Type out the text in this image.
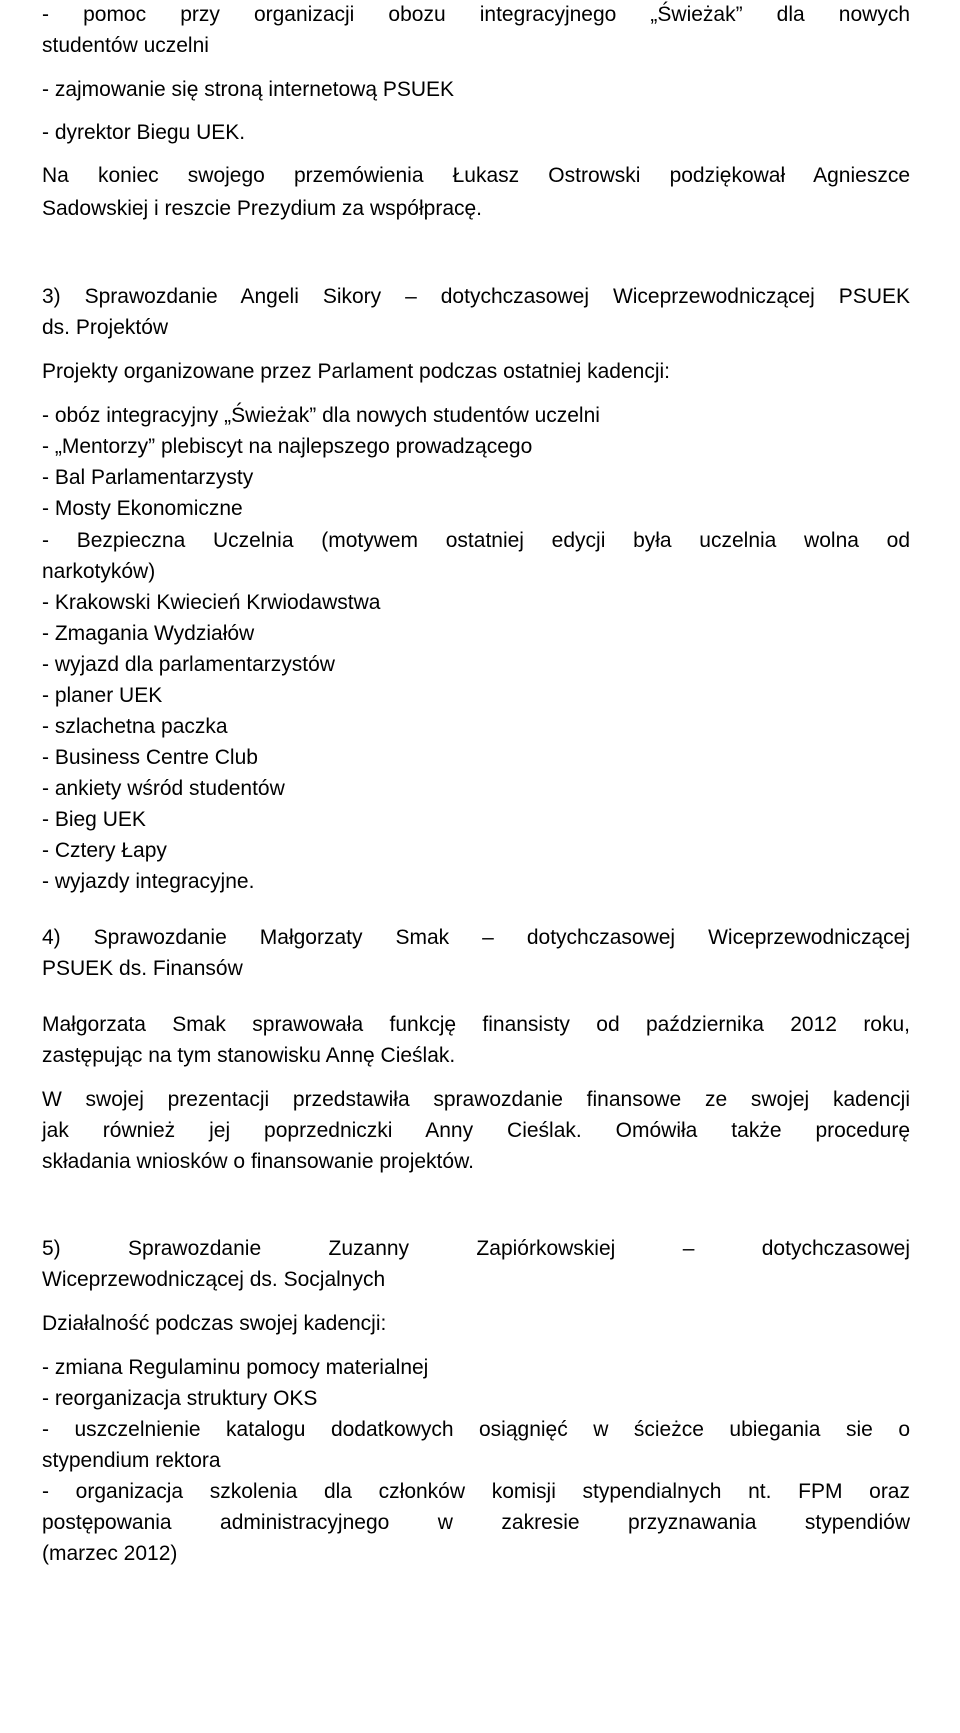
- pomoc przy organizacji obozu integracyjnego „Świeżak” dla nowych
studentów uczelni
- zajmowanie się stroną internetową PSUEK
- dyrektor Biegu UEK.
Na koniec swojego przemówienia Łukasz Ostrowski podziękował Agnieszce
Sadowskiej i reszcie Prezydium za współpracę.
3) Sprawozdanie Angeli Sikory – dotychczasowej Wiceprzewodniczącej PSUEK
ds. Projektów
Projekty organizowane przez Parlament podczas ostatniej kadencji:
- obóz integracyjny „Świeżak” dla nowych studentów uczelni
- „Mentorzy” plebiscyt na najlepszego prowadzącego
- Bal Parlamentarzysty
- Mosty Ekonomiczne
- Bezpieczna Uczelnia (motywem ostatniej edycji była uczelnia wolna od
narkotyków)
- Krakowski Kwiecień Krwiodawstwa
- Zmagania Wydziałów
- wyjazd dla parlamentarzystów
- planer UEK
- szlachetna paczka
- Business Centre Club
- ankiety wśród studentów
- Bieg UEK
- Cztery Łapy
- wyjazdy integracyjne.
4) Sprawozdanie Małgorzaty Smak – dotychczasowej Wiceprzewodniczącej
PSUEK ds. Finansów
Małgorzata Smak sprawowała funkcję finansisty od października 2012 roku,
zastępując na tym stanowisku Annę Cieślak.
W swojej prezentacji przedstawiła sprawozdanie finansowe ze swojej kadencji
jak również jej poprzedniczki Anny Cieślak. Omówiła także procedurę
składania wniosków o finansowanie projektów.
5) Sprawozdanie Zuzanny Zapiórkowskiej – dotychczasowej
Wiceprzewodniczącej ds. Socjalnych
Działalność podczas swojej kadencji:
- zmiana Regulaminu pomocy materialnej
- reorganizacja struktury OKS
- uszczelnienie katalogu dodatkowych osiągnięć w ścieżce ubiegania sie o
stypendium rektora
- organizacja szkolenia dla członków komisji stypendialnych nt. FPM oraz
postępowania administracyjnego w zakresie przyznawania stypendiów
(marzec 2012)
